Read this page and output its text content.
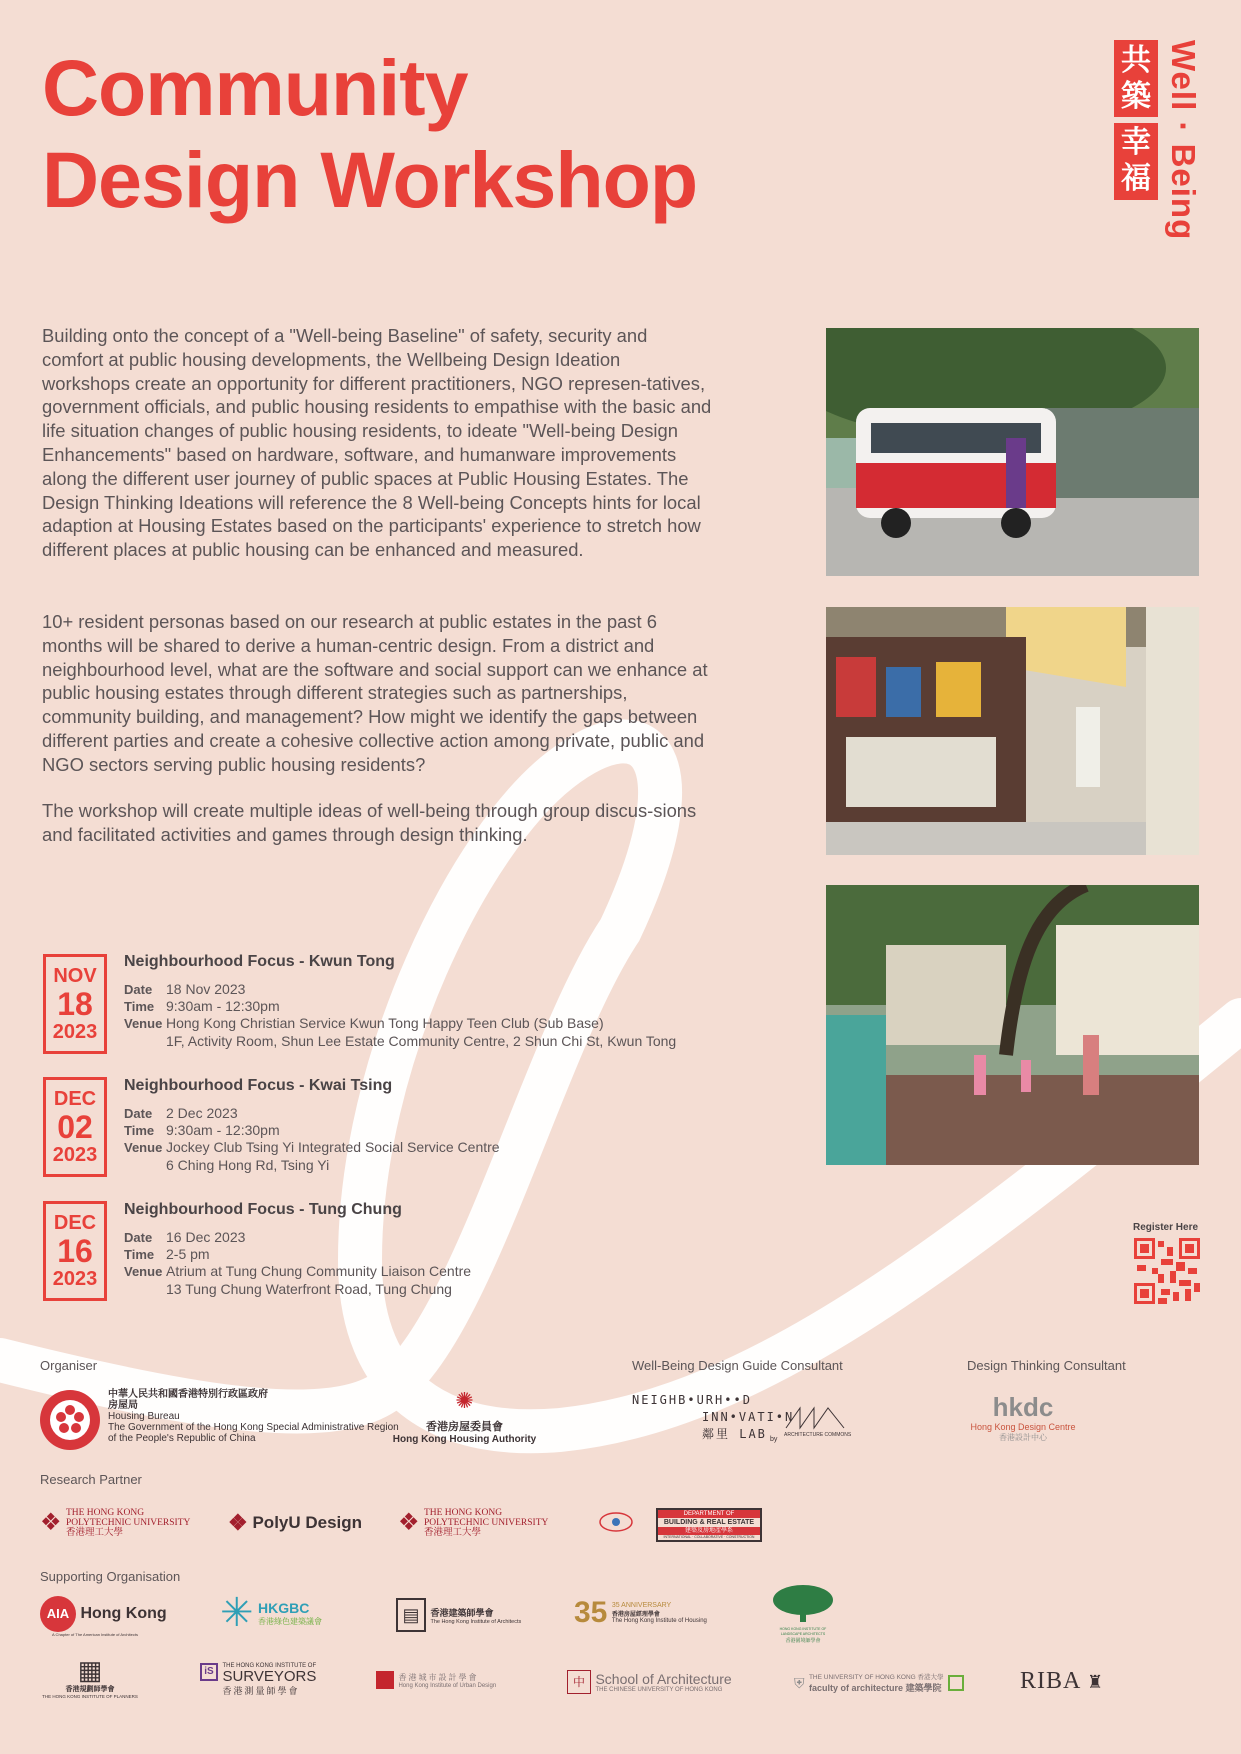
Community
Design Workshop
共
築
幸
福 Well · Being

Building onto the concept of a "Well-being Baseline" of safety, security and comfort at public housing developments, the Wellbeing Design Ideation workshops create an opportunity for different practitioners, NGO represen-tatives, government officials, and public housing residents to empathise with the basic and life situation changes of public housing residents, to ideate "Well-being Design Enhancements" based on hardware, software, and humanware improvements along the different user journey of public spaces at Public Housing Estates. The Design Thinking Ideations will reference the 8 Well-being Concepts hints for local adaption at Housing Estates based on the participants' experience to stretch how different places at public housing can be enhanced and measured.

10+ resident personas based on our research at public estates in the past 6 months will be shared to derive a human-centric design. From a district and neighbourhood level, what are the software and social support can we enhance at public housing estates through different strategies such as partnerships, community building, and management? How might we identify the gaps between different parties and create a cohesive collective action among private, public and NGO sectors serving public housing residents?

The workshop will create multiple ideas of well-being through group discus-sions and facilitated activities and games through design thinking.

NOV
18
2023
Neighbourhood Focus - Kwun Tong
Date 18 Nov 2023
Time 9:30am - 12:30pm
Venue Hong Kong Christian Service Kwun Tong Happy Teen Club (Sub Base)
1F, Activity Room, Shun Lee Estate Community Centre, 2 Shun Chi St, Kwun Tong
DEC
02
2023
Neighbourhood Focus - Kwai Tsing
Date 2 Dec 2023
Time 9:30am - 12:30pm
Venue Jockey Club Tsing Yi Integrated Social Service Centre
6 Ching Hong Rd, Tsing Yi
DEC
16
2023
Neighbourhood Focus - Tung Chung
Date 16 Dec 2023
Time 2-5 pm
Venue Atrium at Tung Chung Community Liaison Centre
13 Tung Chung Waterfront Road, Tung Chung
Register Here
Organiser	Well-Being Design Guide Consultant	Design Thinking Consultant
Research Partner
Supporting Organisation
中華人民共和國香港特別行政區政府
房屋局
Housing Bureau
The Government of the Hong Kong Special Administrative Region
of the People's Republic of China
✺
香港房屋委員會
Hong Kong Housing Authority
NEIGHB•URH••D
INN•VATI•N
鄰里 LAB by
ARCHITECTURE COMMONS
hkdc
Hong Kong Design Centre
香港設計中心
❖ THE HONG KONG
POLYTECHNIC UNIVERSITY
香港理工大學	❖ PolyU Design ❖ THE HONG KONG
POLYTECHNIC UNIVERSITY
香港理工大學
DEPARTMENT OF
BUILDING & REAL ESTATE
建築及房地產學系
INTERNATIONAL · COLLABORATIVE · CONSTRUCTION
AIA Hong Kong
A Chapter of The American Institute of Architects	✳ HKGBC
香港綠色建築議會	▤ 香港建築師學會
The Hong Kong Institute of Architects 35 35 ANNIVERSARY
香港房屋經理學會
The Hong Kong Institute of Housing
HONG KONG INSTITUTE OF LANDSCAPE ARCHITECTS
香港園境師學會
▦
香港規劃師學會
THE HONG KONG INSTITUTE OF PLANNERS
iS THE HONG KONG INSTITUTE OF
SURVEYORS
香港測量師學會

香港城市設計學會
Hong Kong Institute of Urban Design	中 School of Architecture
THE CHINESE UNIVERSITY OF HONG KONG	⛨ THE UNIVERSITY OF HONG KONG 香港大學
faculty of architecture 建築學院
	RIBA ♜
